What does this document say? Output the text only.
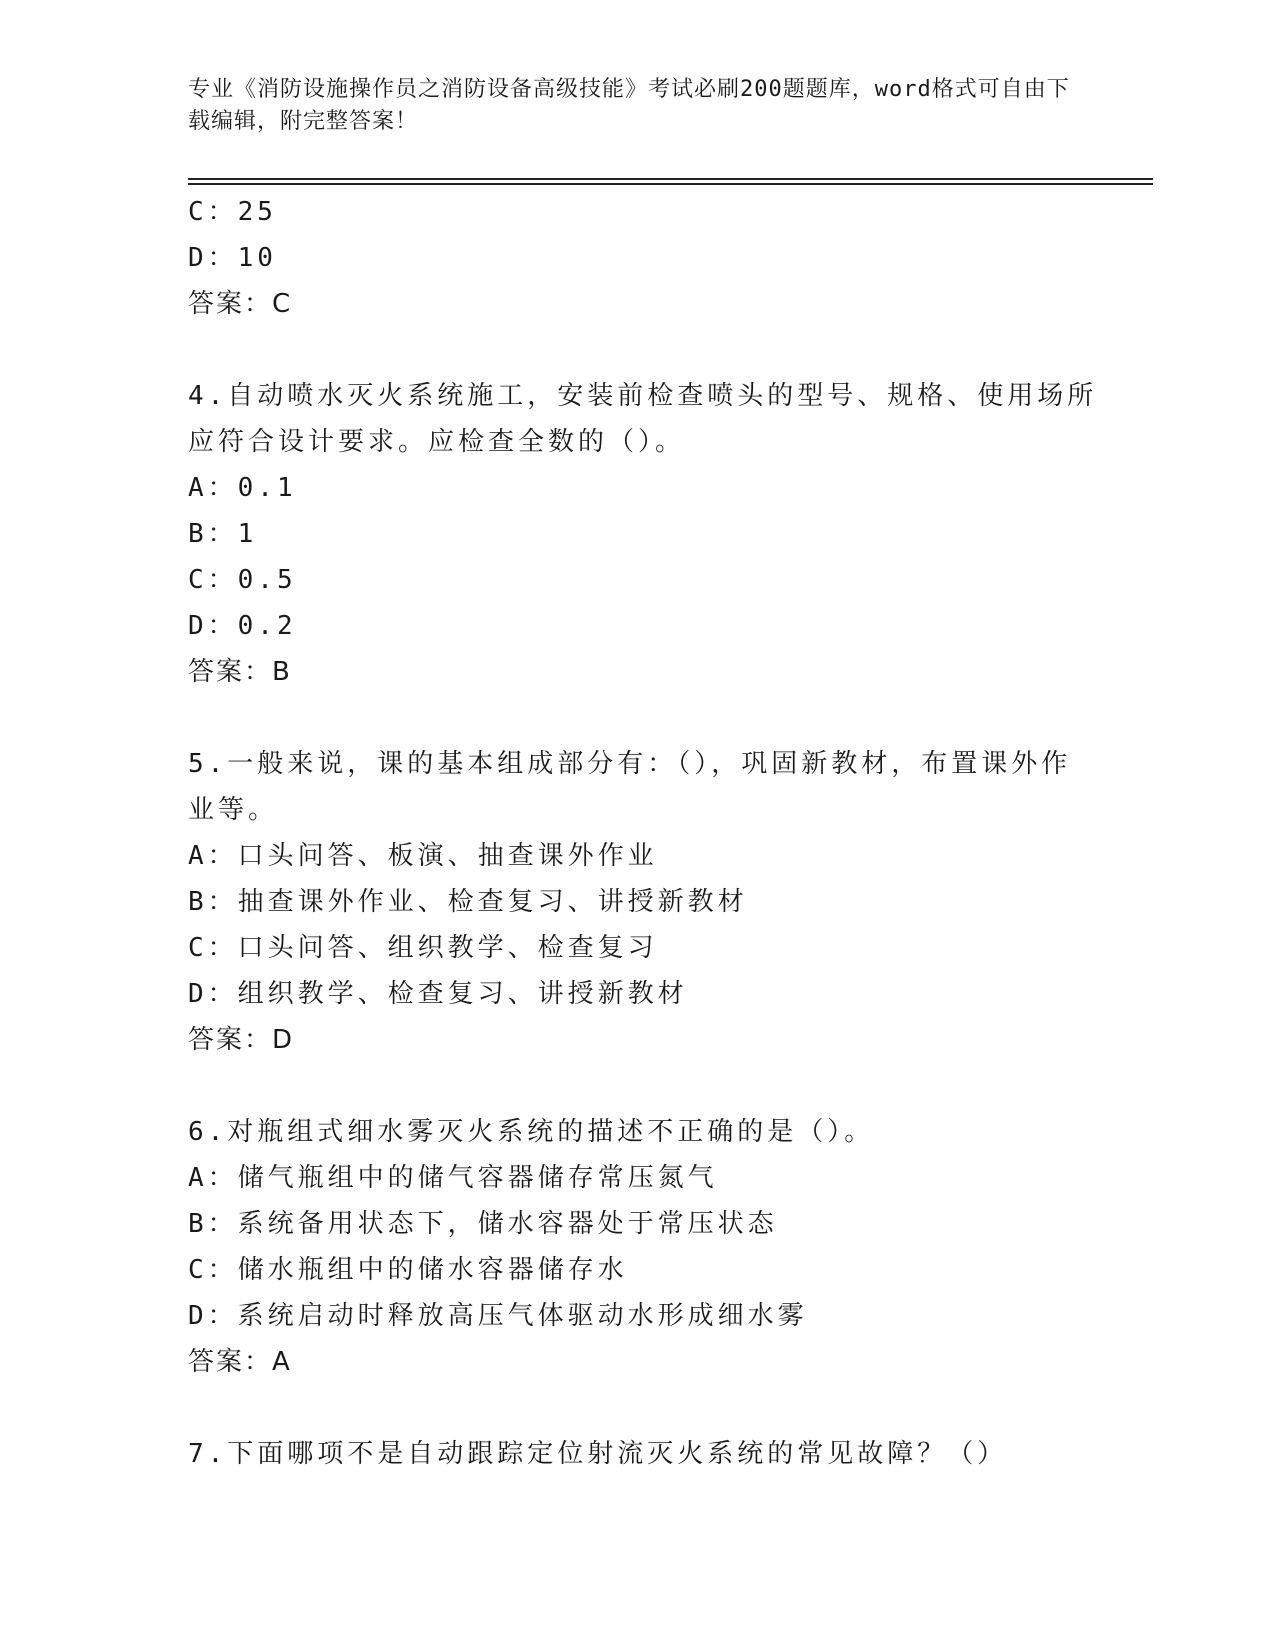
专业《消防设施操作员之消防设备高级技能》考试必刷200题题库，word格式可自由下载编辑，附完整答案！
C：25
D：10
答案：C
4.自动喷水灭火系统施工，安装前检查喷头的型号、规格、使用场所
应符合设计要求。应检查全数的（）。
A：0.1
B：1
C：0.5
D：0.2
答案：B
5.一般来说，课的基本组成部分有：（），巩固新教材，布置课外作
业等。
A：口头问答、板演、抽查课外作业
B：抽查课外作业、检查复习、讲授新教材
C：口头问答、组织教学、检查复习
D：组织教学、检查复习、讲授新教材
答案：D
6.对瓶组式细水雾灭火系统的描述不正确的是（）。
A：储气瓶组中的储气容器储存常压氮气
B：系统备用状态下，储水容器处于常压状态
C：储水瓶组中的储水容器储存水
D：系统启动时释放高压气体驱动水形成细水雾
答案：A
7.下面哪项不是自动跟踪定位射流灭火系统的常见故障？（）
